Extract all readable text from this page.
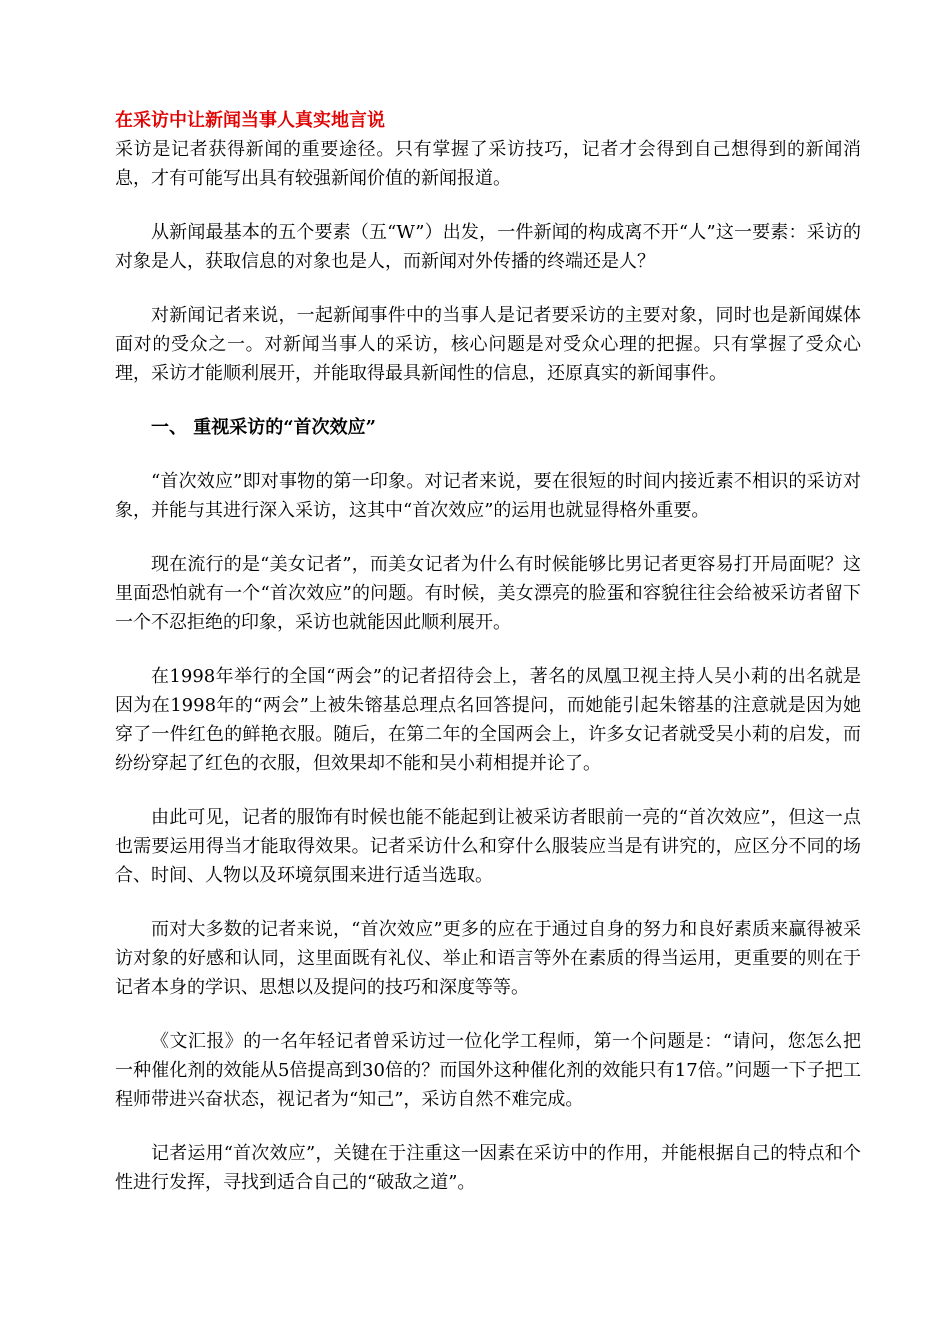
在采访中让新闻当事人真实地言说

采访是记者获得新闻的重要途径。只有掌握了采访技巧，记者才会得到自己想得到的新闻消息，才有可能写出具有较强新闻价值的新闻报道。

从新闻最基本的五个要素（五“W”）出发，一件新闻的构成离不开“人”这一要素：采访的对象是人，获取信息的对象也是人，而新闻对外传播的终端还是人？

对新闻记者来说，一起新闻事件中的当事人是记者要采访的主要对象，同时也是新闻媒体面对的受众之一。对新闻当事人的采访，核心问题是对受众心理的把握。只有掌握了受众心理，采访才能顺利展开，并能取得最具新闻性的信息，还原真实的新闻事件。

一、 重视采访的“首次效应”

“首次效应”即对事物的第一印象。对记者来说，要在很短的时间内接近素不相识的采访对象，并能与其进行深入采访，这其中“首次效应”的运用也就显得格外重要。

现在流行的是“美女记者”，而美女记者为什么有时候能够比男记者更容易打开局面呢？这里面恐怕就有一个“首次效应”的问题。有时候，美女漂亮的脸蛋和容貌往往会给被采访者留下一个不忍拒绝的印象，采访也就能因此顺利展开。

在1998年举行的全国“两会”的记者招待会上，著名的凤凰卫视主持人吴小莉的出名就是因为在1998年的“两会”上被朱镕基总理点名回答提问，而她能引起朱镕基的注意就是因为她穿了一件红色的鲜艳衣服。随后，在第二年的全国两会上，许多女记者就受吴小莉的启发，而纷纷穿起了红色的衣服，但效果却不能和吴小莉相提并论了。

由此可见，记者的服饰有时候也能不能起到让被采访者眼前一亮的“首次效应”，但这一点也需要运用得当才能取得效果。记者采访什么和穿什么服装应当是有讲究的，应区分不同的场合、时间、人物以及环境氛围来进行适当选取。

而对大多数的记者来说，“首次效应”更多的应在于通过自身的努力和良好素质来赢得被采访对象的好感和认同，这里面既有礼仪、举止和语言等外在素质的得当运用，更重要的则在于记者本身的学识、思想以及提问的技巧和深度等等。

《文汇报》的一名年轻记者曾采访过一位化学工程师，第一个问题是：“请问，您怎么把一种催化剂的效能从5倍提高到30倍的？而国外这种催化剂的效能只有17倍。”问题一下子把工程师带进兴奋状态，视记者为“知己”，采访自然不难完成。

记者运用“首次效应”，关键在于注重这一因素在采访中的作用，并能根据自己的特点和个性进行发挥，寻找到适合自己的“破敌之道”。
